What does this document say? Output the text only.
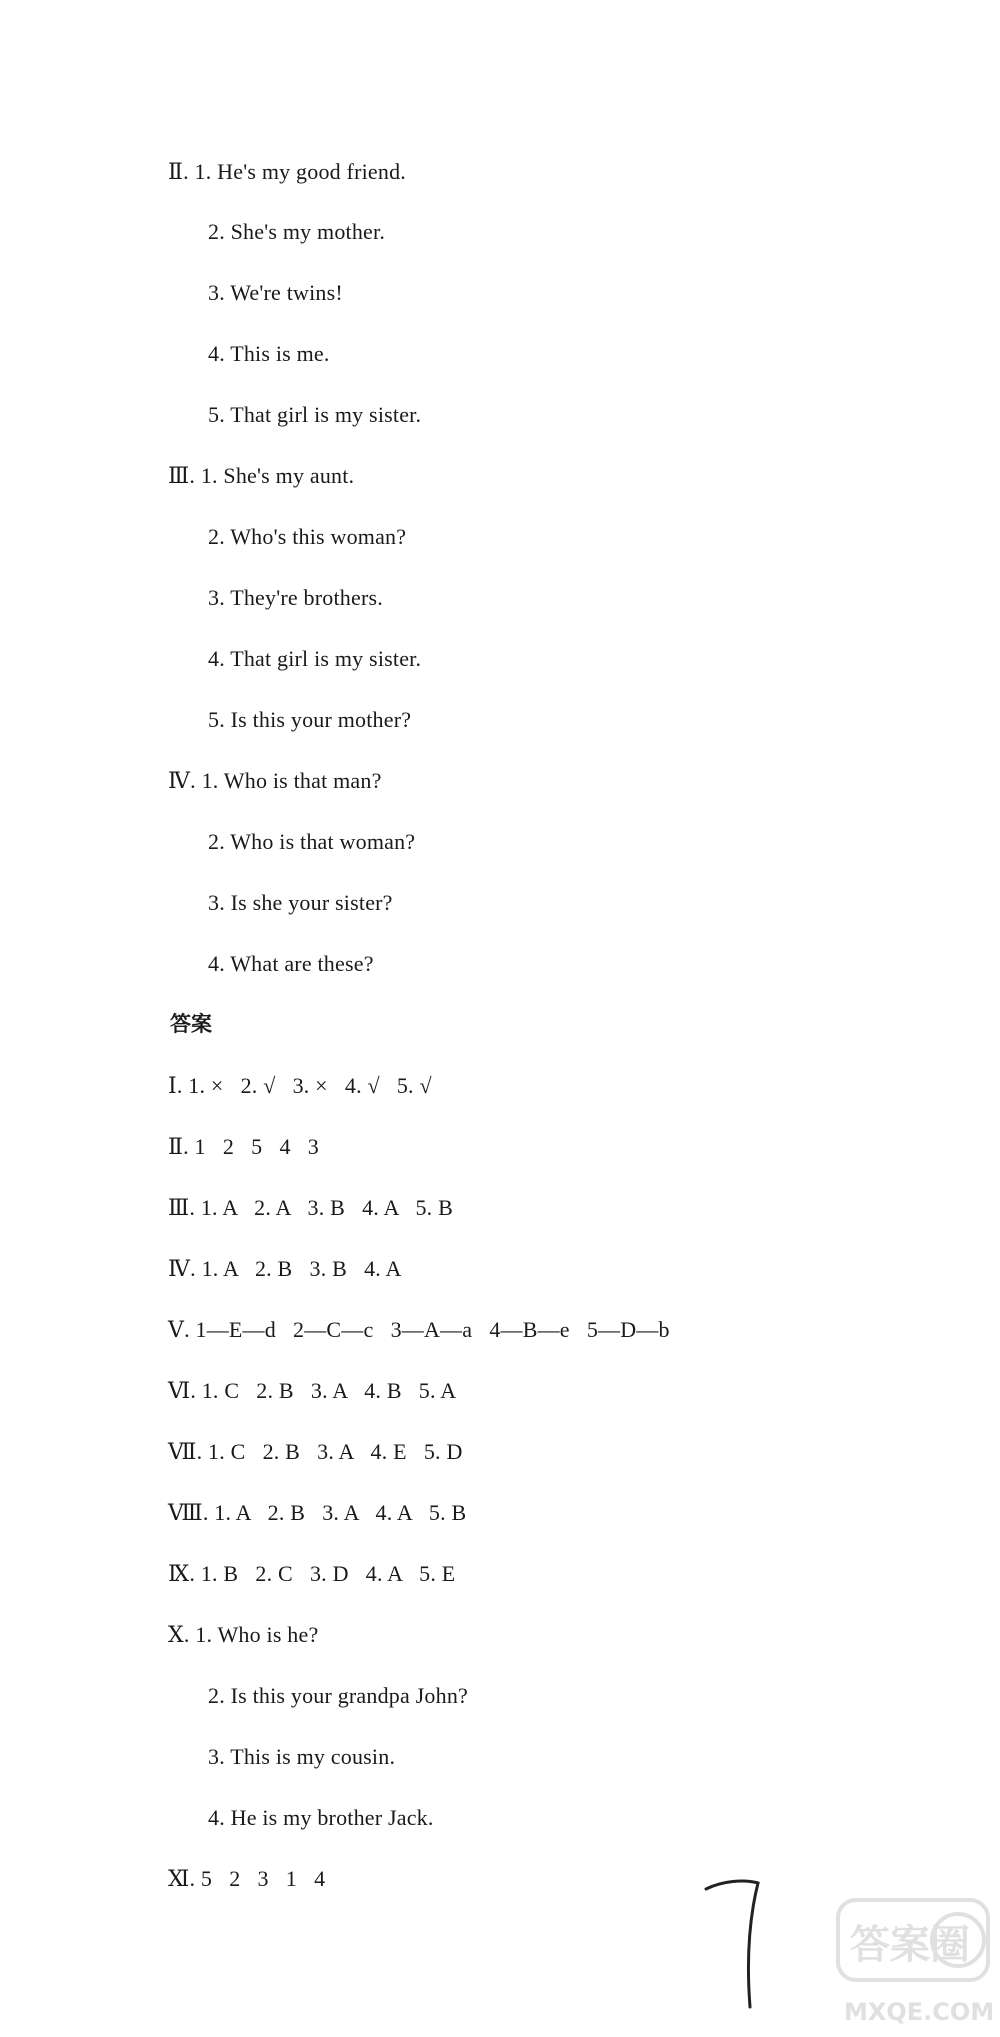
Ⅱ. 1. He's my good friend.
2. She's my mother.
3. We're twins!
4. This is me.
5. That girl is my sister.
Ⅲ. 1. She's my aunt.
2. Who's this woman?
3. They're brothers.
4. That girl is my sister.
5. Is this your mother?
Ⅳ. 1. Who is that man?
2. Who is that woman?
3. Is she your sister?
4. What are these?
答案
Ⅰ. 1. ×   2. √   3. ×   4. √   5. √
Ⅱ. 1   2   5   4   3
Ⅲ. 1. A   2. A   3. B   4. A   5. B
Ⅳ. 1. A   2. B   3. B   4. A
Ⅴ. 1—E—d   2—C—c   3—A—a   4—B—e   5—D—b
Ⅵ. 1. C   2. B   3. A   4. B   5. A
Ⅶ. 1. C   2. B   3. A   4. E   5. D
Ⅷ. 1. A   2. B   3. A   4. A   5. B
Ⅸ. 1. B   2. C   3. D   4. A   5. E
Ⅹ. 1. Who is he?
2. Is this your grandpa John?
3. This is my cousin.
4. He is my brother Jack.
Ⅺ. 5   2   3   1   4
答案圈
MXQE.COM
